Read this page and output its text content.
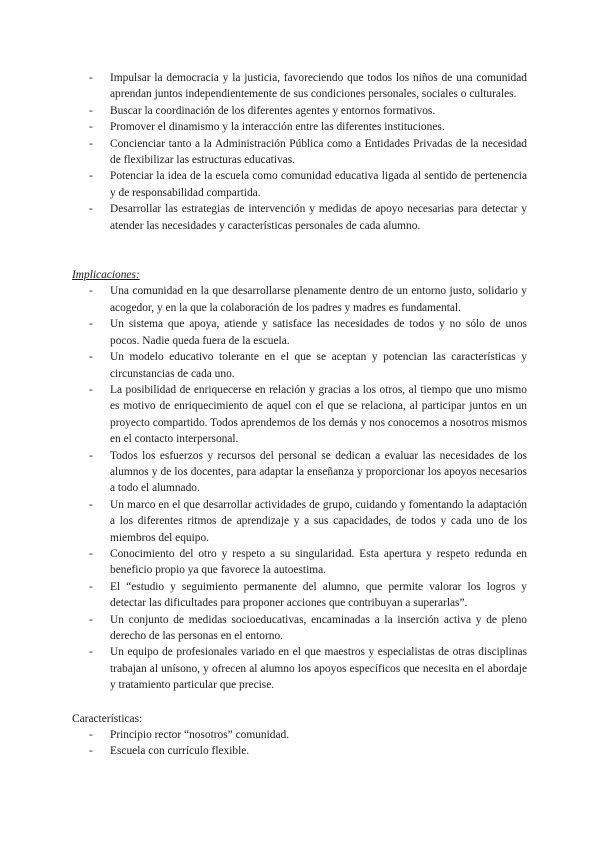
- Impulsar la democracia y la justicia, favoreciendo que todos los niños de una comunidad aprendan juntos independientemente de sus condiciones personales, sociales o culturales.
- Buscar la coordinación de los diferentes agentes y entornos formativos.
- Promover el dinamismo y la interacción entre las diferentes instituciones.
- Concienciar tanto a la Administración Pública como a Entidades Privadas de la necesidad de flexibilizar las estructuras educativas.
- Potenciar la idea de la escuela como comunidad educativa ligada al sentido de pertenencia y de responsabilidad compartida.
- Desarrollar las estrategias de intervención y medidas de apoyo necesarias para detectar y atender las necesidades y características personales de cada alumno.
Implicaciones:
- Una comunidad en la que desarrollarse plenamente dentro de un entorno justo, solidario y acogedor, y en la que la colaboración de los padres y madres es fundamental.
- Un sistema que apoya, atiende y satisface las necesidades de todos y no sólo de unos pocos. Nadie queda fuera de la escuela.
- Un modelo educativo tolerante en el que se aceptan y potencian las características y circunstancias de cada uno.
- La posibilidad de enriquecerse en relación y gracias a los otros, al tiempo que uno mismo es motivo de enriquecimiento de aquel con el que se relaciona, al participar juntos en un proyecto compartido. Todos aprendemos de los demás y nos conocemos a nosotros mismos en el contacto interpersonal.
- Todos los esfuerzos y recursos del personal se dedican a evaluar las necesidades de los alumnos y de los docentes, para adaptar la enseñanza y proporcionar los apoyos necesarios a todo el alumnado.
- Un marco en el que desarrollar actividades de grupo, cuidando y fomentando la adaptación a los diferentes ritmos de aprendizaje y a sus capacidades, de todos y cada uno de los miembros del equipo.
- Conocimiento del otro y respeto a su singularidad. Esta apertura y respeto redunda en beneficio propio ya que favorece la autoestima.
- El “estudio y seguimiento permanente del alumno, que permite valorar los logros y detectar las dificultades para proponer acciones que contribuyan a superarlas”.
- Un conjunto de medidas socioeducativas, encaminadas a la inserción activa y de pleno derecho de las personas en el entorno.
- Un equipo de profesionales variado en el que maestros y especialistas de otras disciplinas trabajan al unísono, y ofrecen al alumno los apoyos específicos que necesita en el abordaje y tratamiento particular que precise.
Características:
- Principio rector “nosotros” comunidad.
- Escuela con currículo flexible.
